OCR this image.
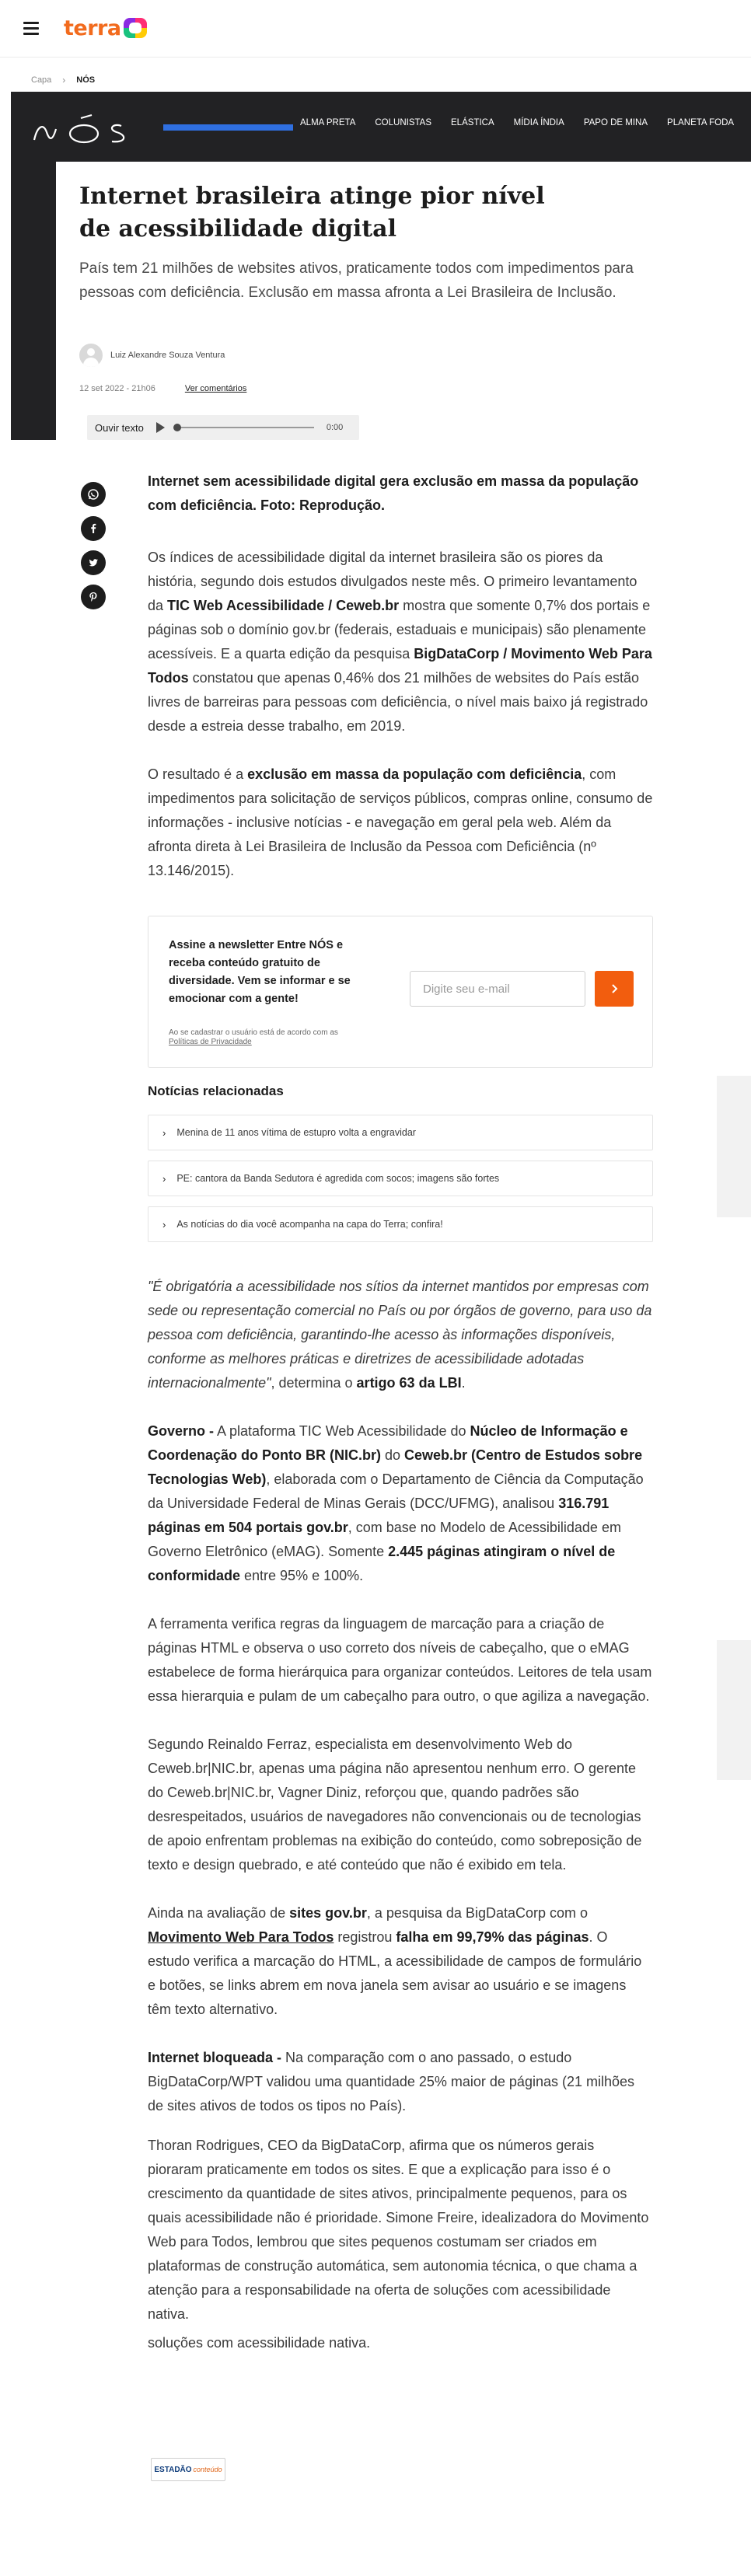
terra
Capa › NÓS
ALMA PRETA COLUNISTAS ELÁSTICA MÍDIA ÍNDIA PAPO DE MINA PLANETA FODA
Internet brasileira atinge pior nível de acessibilidade digital

País tem 21 milhões de websites ativos, praticamente todos com impedimentos para pessoas com deficiência. Exclusão em massa afronta a Lei Brasileira de Inclusão.

Luiz Alexandre Souza Ventura
12 set 2022 - 21h06	Ver comentários
Ouvir texto	0:00

Internet sem acessibilidade digital gera exclusão em massa da população com deficiência. Foto: Reprodução.

Os índices de acessibilidade digital da internet brasileira são os piores da história, segundo dois estudos divulgados neste mês. O primeiro levantamento da TIC Web Acessibilidade / Ceweb.br mostra que somente 0,7% dos portais e páginas sob o domínio gov.br (federais, estaduais e municipais) são plenamente acessíveis. E a quarta edição da pesquisa BigDataCorp / Movimento Web Para Todos constatou que apenas 0,46% dos 21 milhões de websites do País estão livres de barreiras para pessoas com deficiência, o nível mais baixo já registrado desde a estreia desse trabalho, em 2019.

O resultado é a exclusão em massa da população com deficiência, com impedimentos para solicitação de serviços públicos, compras online, consumo de informações - inclusive notícias - e navegação em geral pela web. Além da afronta direta à Lei Brasileira de Inclusão da Pessoa com Deficiência (nº 13.146/2015).

Assine a newsletter Entre NÓS e receba conteúdo gratuito de diversidade. Vem se informar e se emocionar com a gente!
Ao se cadastrar o usuário está de acordo com as
Políticas de Privacidade
Digite seu e-mail
Notícias relacionadas
› Menina de 11 anos vítima de estupro volta a engravidar
› PE: cantora da Banda Sedutora é agredida com socos; imagens são fortes
› As notícias do dia você acompanha na capa do Terra; confira!

"É obrigatória a acessibilidade nos sítios da internet mantidos por empresas com sede ou representação comercial no País ou por órgãos de governo, para uso da pessoa com deficiência, garantindo-lhe acesso às informações disponíveis, conforme as melhores práticas e diretrizes de acessibilidade adotadas internacionalmente", determina o artigo 63 da LBI.

Governo - A plataforma TIC Web Acessibilidade do Núcleo de Informação e Coordenação do Ponto BR (NIC.br) do Ceweb.br (Centro de Estudos sobre Tecnologias Web), elaborada com o Departamento de Ciência da Computação da Universidade Federal de Minas Gerais (DCC/UFMG), analisou 316.791 páginas em 504 portais gov.br, com base no Modelo de Acessibilidade em Governo Eletrônico (eMAG). Somente 2.445 páginas atingiram o nível de conformidade entre 95% e 100%.

A ferramenta verifica regras da linguagem de marcação para a criação de páginas HTML e observa o uso correto dos níveis de cabeçalho, que o eMAG estabelece de forma hierárquica para organizar conteúdos. Leitores de tela usam essa hierarquia e pulam de um cabeçalho para outro, o que agiliza a navegação.

Segundo Reinaldo Ferraz, especialista em desenvolvimento Web do Ceweb.br|NIC.br, apenas uma página não apresentou nenhum erro. O gerente do Ceweb.br|NIC.br, Vagner Diniz, reforçou que, quando padrões são desrespeitados, usuários de navegadores não convencionais ou de tecnologias de apoio enfrentam problemas na exibição do conteúdo, como sobreposição de texto e design quebrado, e até conteúdo que não é exibido em tela.

Ainda na avaliação de sites gov.br, a pesquisa da BigDataCorp com o Movimento Web Para Todos registrou falha em 99,79% das páginas. O estudo verifica a marcação do HTML, a acessibilidade de campos de formulário e botões, se links abrem em nova janela sem avisar ao usuário e se imagens têm texto alternativo.

Internet bloqueada - Na comparação com o ano passado, o estudo BigDataCorp/WPT validou uma quantidade 25% maior de páginas (21 milhões de sites ativos de todos os tipos no País).

Thoran Rodrigues, CEO da BigDataCorp, afirma que os números gerais pioraram praticamente em todos os sites. E que a explicação para isso é o crescimento da quantidade de sites ativos, principalmente pequenos, para os quais acessibilidade não é prioridade. Simone Freire, idealizadora do Movimento Web para Todos, lembrou que sites pequenos costumam ser criados em plataformas de construção automática, sem autonomia técnica, o que chama a atenção para a responsabilidade na oferta de soluções com acessibilidade nativa.

soluções com acessibilidade nativa.

ESTADÃO conteúdo
